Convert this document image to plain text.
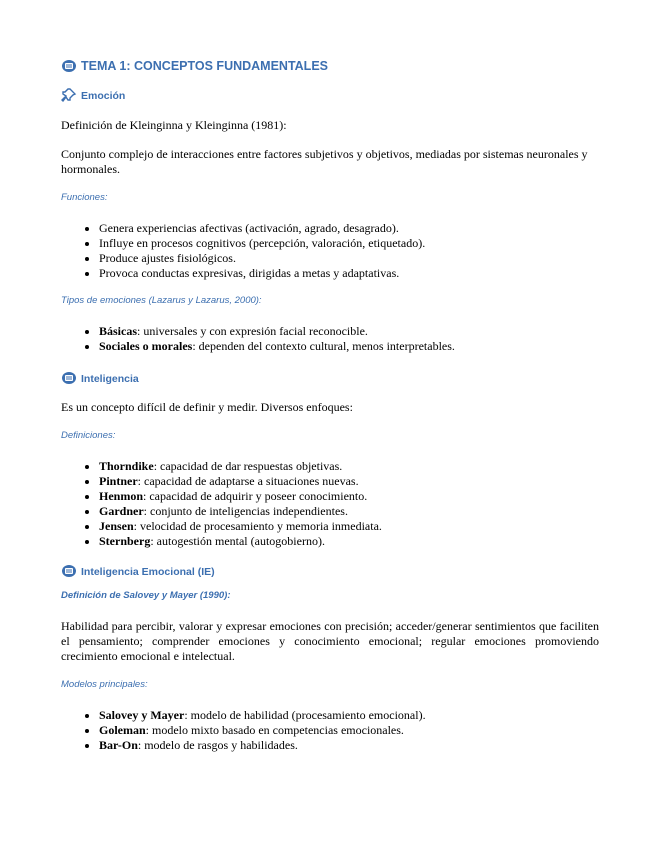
TEMA 1: CONCEPTOS FUNDAMENTALES
Emoción
Definición de Kleinginna y Kleinginna (1981):
Conjunto complejo de interacciones entre factores subjetivos y objetivos, mediadas por sistemas neuronales y hormonales.
Funciones:
• Genera experiencias afectivas (activación, agrado, desagrado).
• Influye en procesos cognitivos (percepción, valoración, etiquetado).
• Produce ajustes fisiológicos.
• Provoca conductas expresivas, dirigidas a metas y adaptativas.
Tipos de emociones (Lazarus y Lazarus, 2000):
• Básicas: universales y con expresión facial reconocible.
• Sociales o morales: dependen del contexto cultural, menos interpretables.
Inteligencia
Es un concepto difícil de definir y medir. Diversos enfoques:
Definiciones:
• Thorndike: capacidad de dar respuestas objetivas.
• Pintner: capacidad de adaptarse a situaciones nuevas.
• Henmon: capacidad de adquirir y poseer conocimiento.
• Gardner: conjunto de inteligencias independientes.
• Jensen: velocidad de procesamiento y memoria inmediata.
• Sternberg: autogestión mental (autogobierno).
Inteligencia Emocional (IE)
Definición de Salovey y Mayer (1990):
Habilidad para percibir, valorar y expresar emociones con precisión; acceder/generar sentimientos que faciliten el pensamiento; comprender emociones y conocimiento emocional; regular emociones promoviendo crecimiento emocional e intelectual.
Modelos principales:
• Salovey y Mayer: modelo de habilidad (procesamiento emocional).
• Goleman: modelo mixto basado en competencias emocionales.
• Bar-On: modelo de rasgos y habilidades.
